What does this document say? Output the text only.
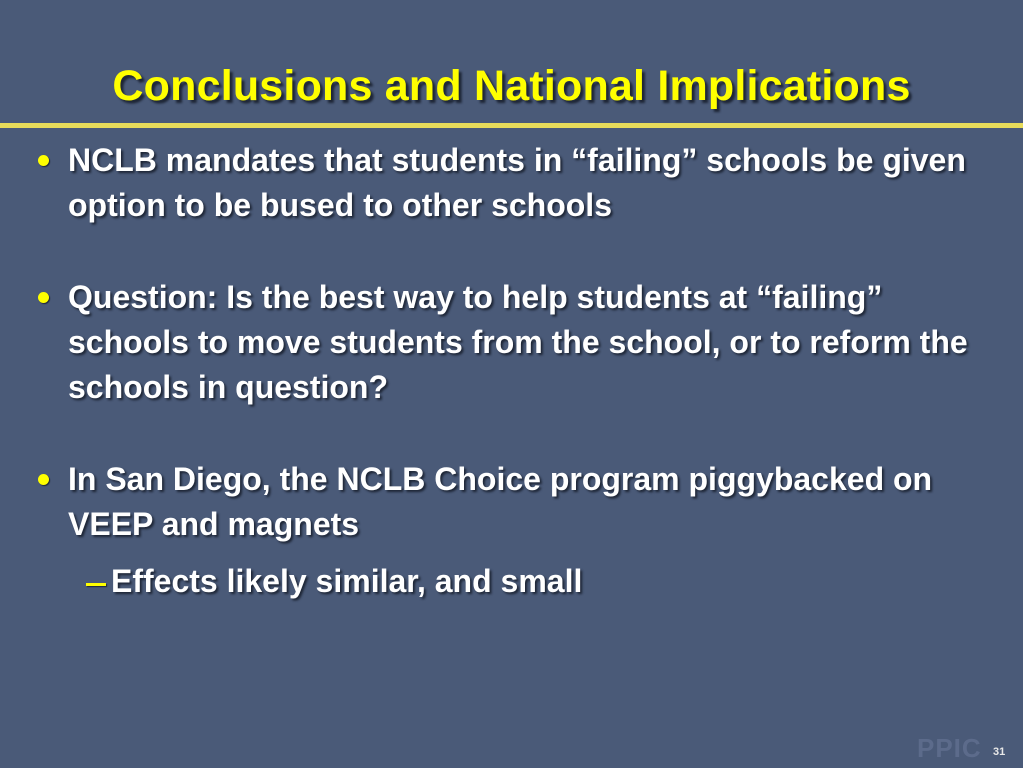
Conclusions and National Implications
NCLB mandates that students in “failing” schools be given option to be bused to other schools
Question: Is the best way to help students at “failing” schools to move students from the school, or to reform the schools in question?
In San Diego, the NCLB Choice program piggybacked on VEEP and magnets
Effects likely similar, and small
PPIC 31
